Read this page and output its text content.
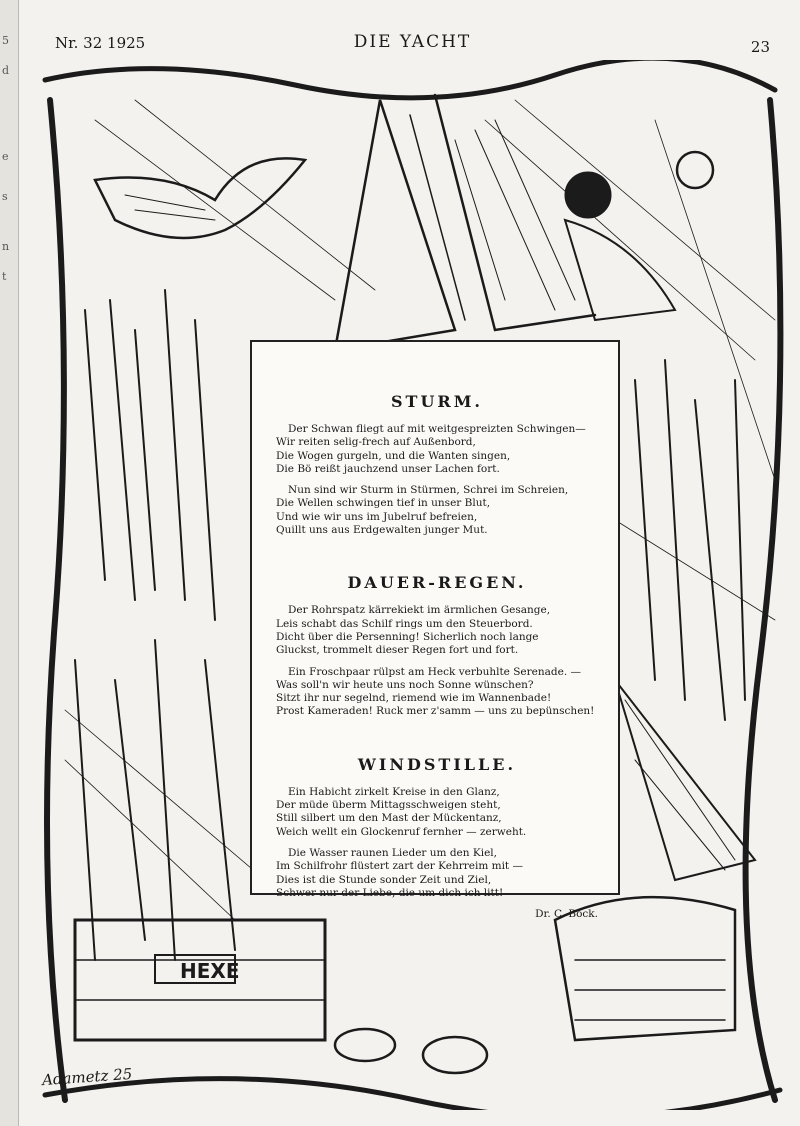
5
d
e
s
n
t
Nr. 32 1925	DIE YACHT	23
HEXE
STURM.
Der Schwan fliegt auf mit weitgespreizten Schwingen—
Wir reiten selig-frech auf Außenbord,
Die Wogen gurgeln, und die Wanten singen,
Die Bö reißt jauchzend unser Lachen fort.
Nun sind wir Sturm in Stürmen, Schrei im Schreien,
Die Wellen schwingen tief in unser Blut,
Und wie wir uns im Jubelruf befreien,
Quillt uns aus Erdgewalten junger Mut.
DAUER-REGEN.
Der Rohrspatz kärrekiekt im ärmlichen Gesange,
Leis schabt das Schilf rings um den Steuerbord.
Dicht über die Persenning! Sicherlich noch lange
Gluckst, trommelt dieser Regen fort und fort.
Ein Froschpaar rülpst am Heck verbuhlte Serenade. —
Was soll'n wir heute uns noch Sonne wünschen?
Sitzt ihr nur segelnd, riemend wie im Wannenbade!
Prost Kameraden! Ruck mer z'samm — uns zu bepünschen!
WINDSTILLE.
Ein Habicht zirkelt Kreise in den Glanz,
Der müde überm Mittagsschweigen steht,
Still silbert um den Mast der Mückentanz,
Weich wellt ein Glockenruf fernher — zerweht.
Die Wasser raunen Lieder um den Kiel,
Im Schilfrohr flüstert zart der Kehrreim mit —
Dies ist die Stunde sonder Zeit und Ziel,
Schwer nur der Liebe, die um dich ich litt!
Dr. C. Bock.
Adametz 25
